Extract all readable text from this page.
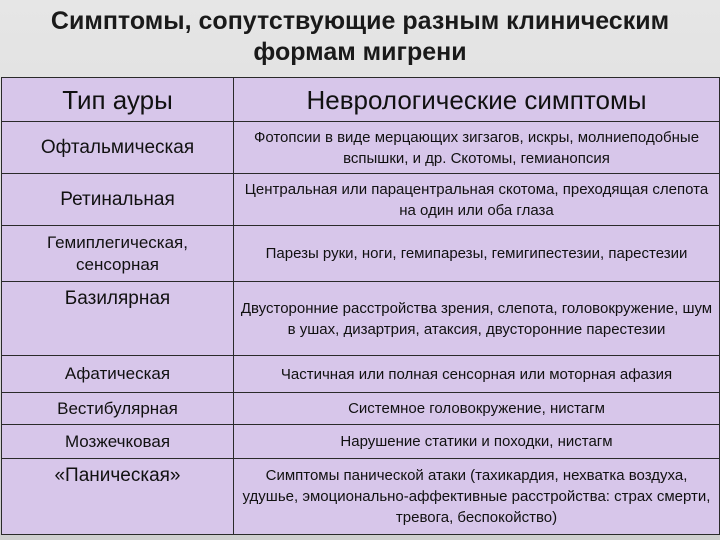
Симптомы, сопутствующие разным клиническим
формам мигрени
Тип ауры	Неврологические симптомы
Офтальмическая	Фотопсии в виде мерцающих зигзагов, искры, молниеподобные вспышки, и др. Скотомы, гемианопсия
Ретинальная	Центральная или парацентральная скотома, преходящая слепота на один или оба глаза
Гемиплегическая, сенсорная	Парезы руки, ноги, гемипарезы, гемигипестезии, парестезии
Базилярная	Двусторонние расстройства зрения, слепота, головокружение, шум в ушах, дизартрия, атаксия, двусторонние парестезии
Афатическая	Частичная или полная сенсорная или моторная афазия
Вестибулярная	Системное головокружение, нистагм
Мозжечковая	Нарушение статики и походки, нистагм
«Паническая»	Симптомы панической атаки (тахикардия, нехватка воздуха, удушье, эмоционально-аффективные расстройства: страх смерти, тревога, беспокойство)
